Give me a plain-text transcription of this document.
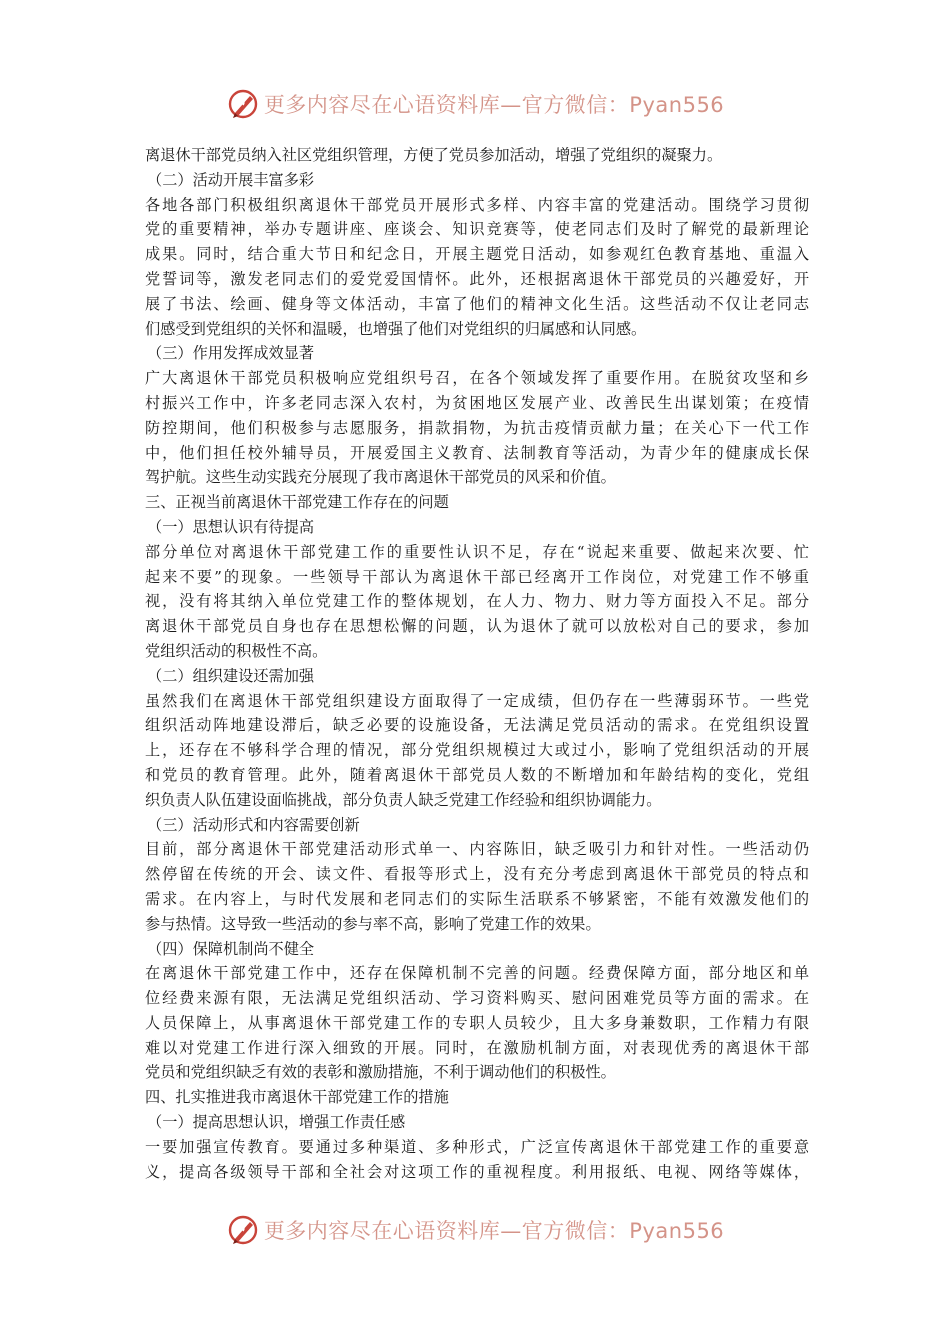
更多内容尽在心语资料库—官方微信：Pyan556
离退休干部党员纳入社区党组织管理，方便了党员参加活动，增强了党组织的凝聚力。
（二）活动开展丰富多彩
各地各部门积极组织离退休干部党员开展形式多样、内容丰富的党建活动。围绕学习贯彻
党的重要精神，举办专题讲座、座谈会、知识竞赛等，使老同志们及时了解党的最新理论
成果。同时，结合重大节日和纪念日，开展主题党日活动，如参观红色教育基地、重温入
党誓词等，激发老同志们的爱党爱国情怀。此外，还根据离退休干部党员的兴趣爱好，开
展了书法、绘画、健身等文体活动，丰富了他们的精神文化生活。这些活动不仅让老同志
们感受到党组织的关怀和温暖，也增强了他们对党组织的归属感和认同感。
（三）作用发挥成效显著
广大离退休干部党员积极响应党组织号召，在各个领域发挥了重要作用。在脱贫攻坚和乡
村振兴工作中，许多老同志深入农村，为贫困地区发展产业、改善民生出谋划策；在疫情
防控期间，他们积极参与志愿服务，捐款捐物，为抗击疫情贡献力量；在关心下一代工作
中，他们担任校外辅导员，开展爱国主义教育、法制教育等活动，为青少年的健康成长保
驾护航。这些生动实践充分展现了我市离退休干部党员的风采和价值。
三、正视当前离退休干部党建工作存在的问题
（一）思想认识有待提高
部分单位对离退休干部党建工作的重要性认识不足，存在“说起来重要、做起来次要、忙
起来不要”的现象。一些领导干部认为离退休干部已经离开工作岗位，对党建工作不够重
视，没有将其纳入单位党建工作的整体规划，在人力、物力、财力等方面投入不足。部分
离退休干部党员自身也存在思想松懈的问题，认为退休了就可以放松对自己的要求，参加
党组织活动的积极性不高。
（二）组织建设还需加强
虽然我们在离退休干部党组织建设方面取得了一定成绩，但仍存在一些薄弱环节。一些党
组织活动阵地建设滞后，缺乏必要的设施设备，无法满足党员活动的需求。在党组织设置
上，还存在不够科学合理的情况，部分党组织规模过大或过小，影响了党组织活动的开展
和党员的教育管理。此外，随着离退休干部党员人数的不断增加和年龄结构的变化，党组
织负责人队伍建设面临挑战，部分负责人缺乏党建工作经验和组织协调能力。
（三）活动形式和内容需要创新
目前，部分离退休干部党建活动形式单一、内容陈旧，缺乏吸引力和针对性。一些活动仍
然停留在传统的开会、读文件、看报等形式上，没有充分考虑到离退休干部党员的特点和
需求。在内容上，与时代发展和老同志们的实际生活联系不够紧密，不能有效激发他们的
参与热情。这导致一些活动的参与率不高，影响了党建工作的效果。
（四）保障机制尚不健全
在离退休干部党建工作中，还存在保障机制不完善的问题。经费保障方面，部分地区和单
位经费来源有限，无法满足党组织活动、学习资料购买、慰问困难党员等方面的需求。在
人员保障上，从事离退休干部党建工作的专职人员较少，且大多身兼数职，工作精力有限
难以对党建工作进行深入细致的开展。同时，在激励机制方面，对表现优秀的离退休干部
党员和党组织缺乏有效的表彰和激励措施，不利于调动他们的积极性。
四、扎实推进我市离退休干部党建工作的措施
（一）提高思想认识，增强工作责任感
一要加强宣传教育。要通过多种渠道、多种形式，广泛宣传离退休干部党建工作的重要意
义，提高各级领导干部和全社会对这项工作的重视程度。利用报纸、电视、网络等媒体，
更多内容尽在心语资料库—官方微信：Pyan556
